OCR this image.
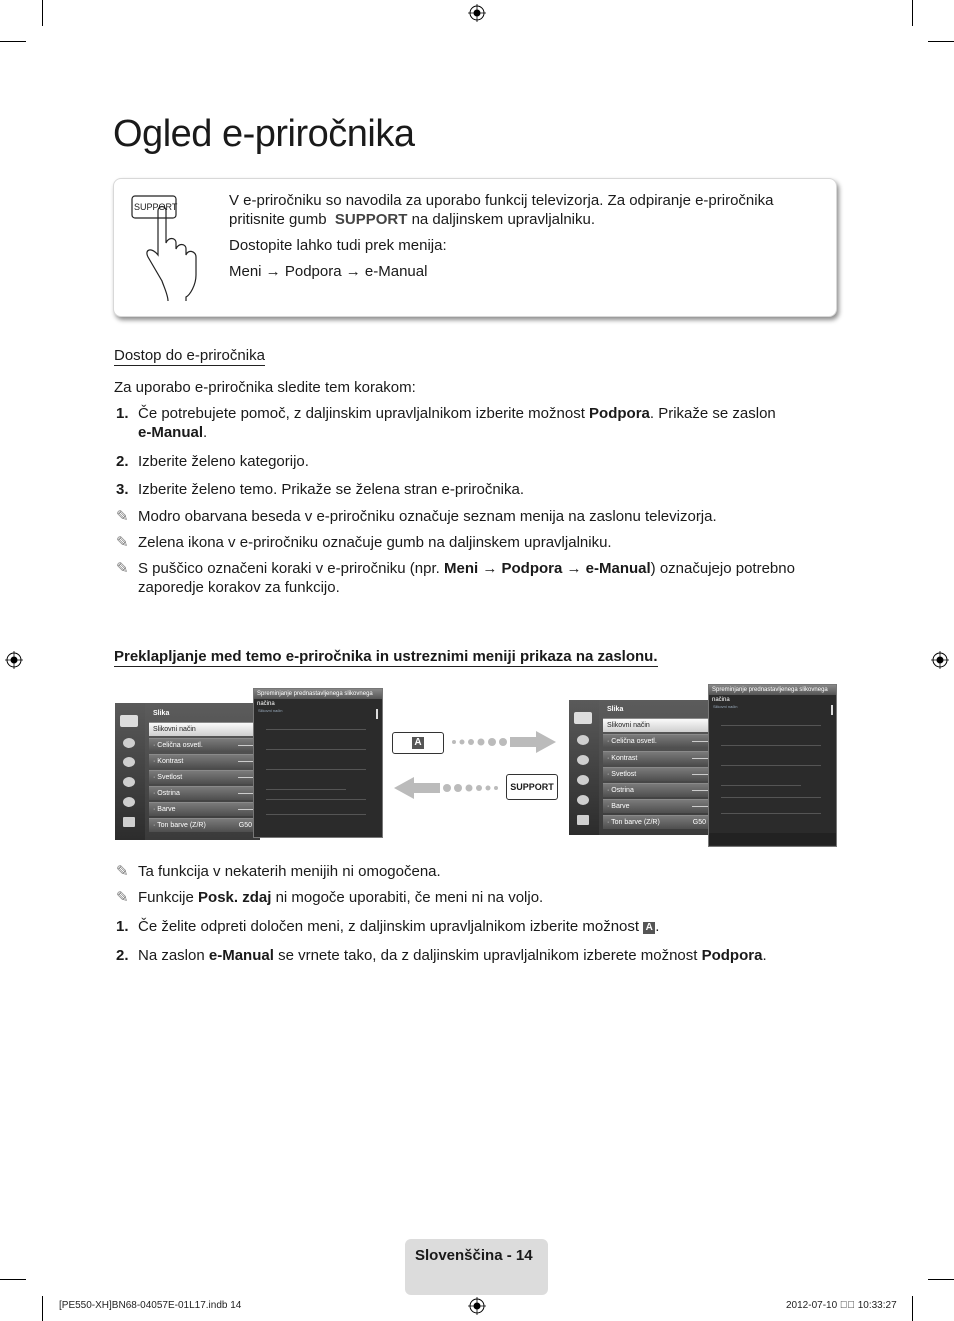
Ogled e-priročnika
SUPPORT	V e-priročniku so navodila za uporabo funkcij televizorja. Za odpiranje e-priročnika
pritisnite gumb SUPPORT na daljinskem upravljalniku.

Dostopite lahko tudi prek menija:

Meni → Podpora → e-Manual

Dostop do e-priročnika

Za uporabo e-priročnika sledite tem korakom:

1. Če potrebujete pomoč, z daljinskim upravljalnikom izberite možnost Podpora. Prikaže se zaslon
e-Manual.

2. Izberite želeno kategorijo.

3. Izberite želeno temo. Prikaže se želena stran e-priročnika.

✎ Modro obarvana beseda v e-priročniku označuje seznam menija na zaslonu televizorja.

✎ Zelena ikona v e-priročniku označuje gumb na daljinskem upravljalniku.

✎ S puščico označeni koraki v e-priročniku (npr. Meni → Podpora → e-Manual) označujejo potrebno
zaporedje korakov za funkcijo.

Preklapljanje med temo e-priročnika in ustreznimi meniji prikaza na zaslonu.

Slika
Slikovni način
· Celična osvetl.
· Kontrast
· Svetlost
· Ostrina
· Barve
· Ton barve (Z/R)	G50
Spreminjanje prednastavljenega slikovnega načina
Slikovni način
A
SUPPORT
Slika
Slikovni način
· Celična osvetl.
· Kontrast
· Svetlost
· Ostrina
· Barve
· Ton barve (Z/R)	G50
Spreminjanje prednastavljenega slikovnega načina
Slikovni način
✎ Ta funkcija v nekaterih menijih ni omogočena.

✎ Funkcije Posk. zdaj ni mogoče uporabiti, če meni ni na voljo.

1. Če želite odpreti določen meni, z daljinskim upravljalnikom izberite možnost A .

2. Na zaslon e-Manual se vrnete tako, da z daljinskim upravljalnikom izberete možnost Podpora.

Slovenščina - 14
[PE550-XH]BN68-04057E-01L17.indb 14	2012-07-10 ￿￿ 10:33:27
